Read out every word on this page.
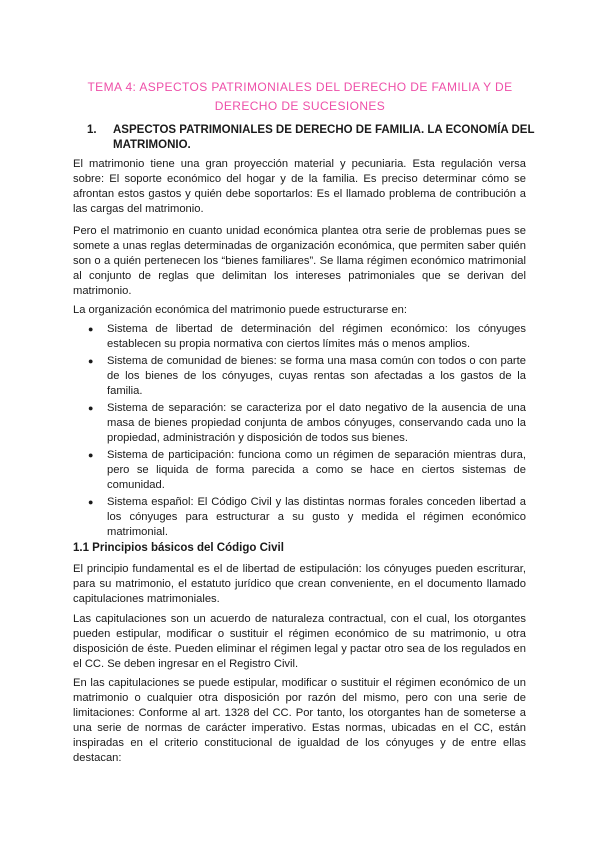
TEMA 4: ASPECTOS PATRIMONIALES DEL DERECHO DE FAMILIA Y DE
DERECHO DE SUCESIONES
1. ASPECTOS PATRIMONIALES DE DERECHO DE FAMILIA. LA ECONOMÍA DEL MATRIMONIO.

El matrimonio tiene una gran proyección material y pecuniaria. Esta regulación versa sobre: El soporte económico del hogar y de la familia. Es preciso determinar cómo se afrontan estos gastos y quién debe soportarlos: Es el llamado problema de contribución a las cargas del matrimonio.

Pero el matrimonio en cuanto unidad económica plantea otra serie de problemas pues se somete a unas reglas determinadas de organización económica, que permiten saber quién son o a quién pertenecen los “bienes familiares”. Se llama régimen económico matrimonial al conjunto de reglas que delimitan los intereses patrimoniales que se derivan del matrimonio.

La organización económica del matrimonio puede estructurarse en:

● Sistema de libertad de determinación del régimen económico: los cónyuges establecen su propia normativa con ciertos límites más o menos amplios.
● Sistema de comunidad de bienes: se forma una masa común con todos o con parte de los bienes de los cónyuges, cuyas rentas son afectadas a los gastos de la familia.
● Sistema de separación: se caracteriza por el dato negativo de la ausencia de una masa de bienes propiedad conjunta de ambos cónyuges, conservando cada uno la propiedad, administración y disposición de todos sus bienes.
● Sistema de participación: funciona como un régimen de separación mientras dura, pero se liquida de forma parecida a como se hace en ciertos sistemas de comunidad.
● Sistema español: El Código Civil y las distintas normas forales conceden libertad a los cónyuges para estructurar a su gusto y medida el régimen económico matrimonial.
1.1 Principios básicos del Código Civil

El principio fundamental es el de libertad de estipulación: los cónyuges pueden escriturar, para su matrimonio, el estatuto jurídico que crean conveniente, en el documento llamado capitulaciones matrimoniales.

Las capitulaciones son un acuerdo de naturaleza contractual, con el cual, los otorgantes pueden estipular, modificar o sustituir el régimen económico de su matrimonio, u otra disposición de éste. Pueden eliminar el régimen legal y pactar otro sea de los regulados en el CC. Se deben ingresar en el Registro Civil.

En las capitulaciones se puede estipular, modificar o sustituir el régimen económico de un matrimonio o cualquier otra disposición por razón del mismo, pero con una serie de limitaciones: Conforme al art. 1328 del CC. Por tanto, los otorgantes han de someterse a una serie de normas de carácter imperativo. Estas normas, ubicadas en el CC, están inspiradas en el criterio constitucional de igualdad de los cónyuges y de entre ellas destacan:
